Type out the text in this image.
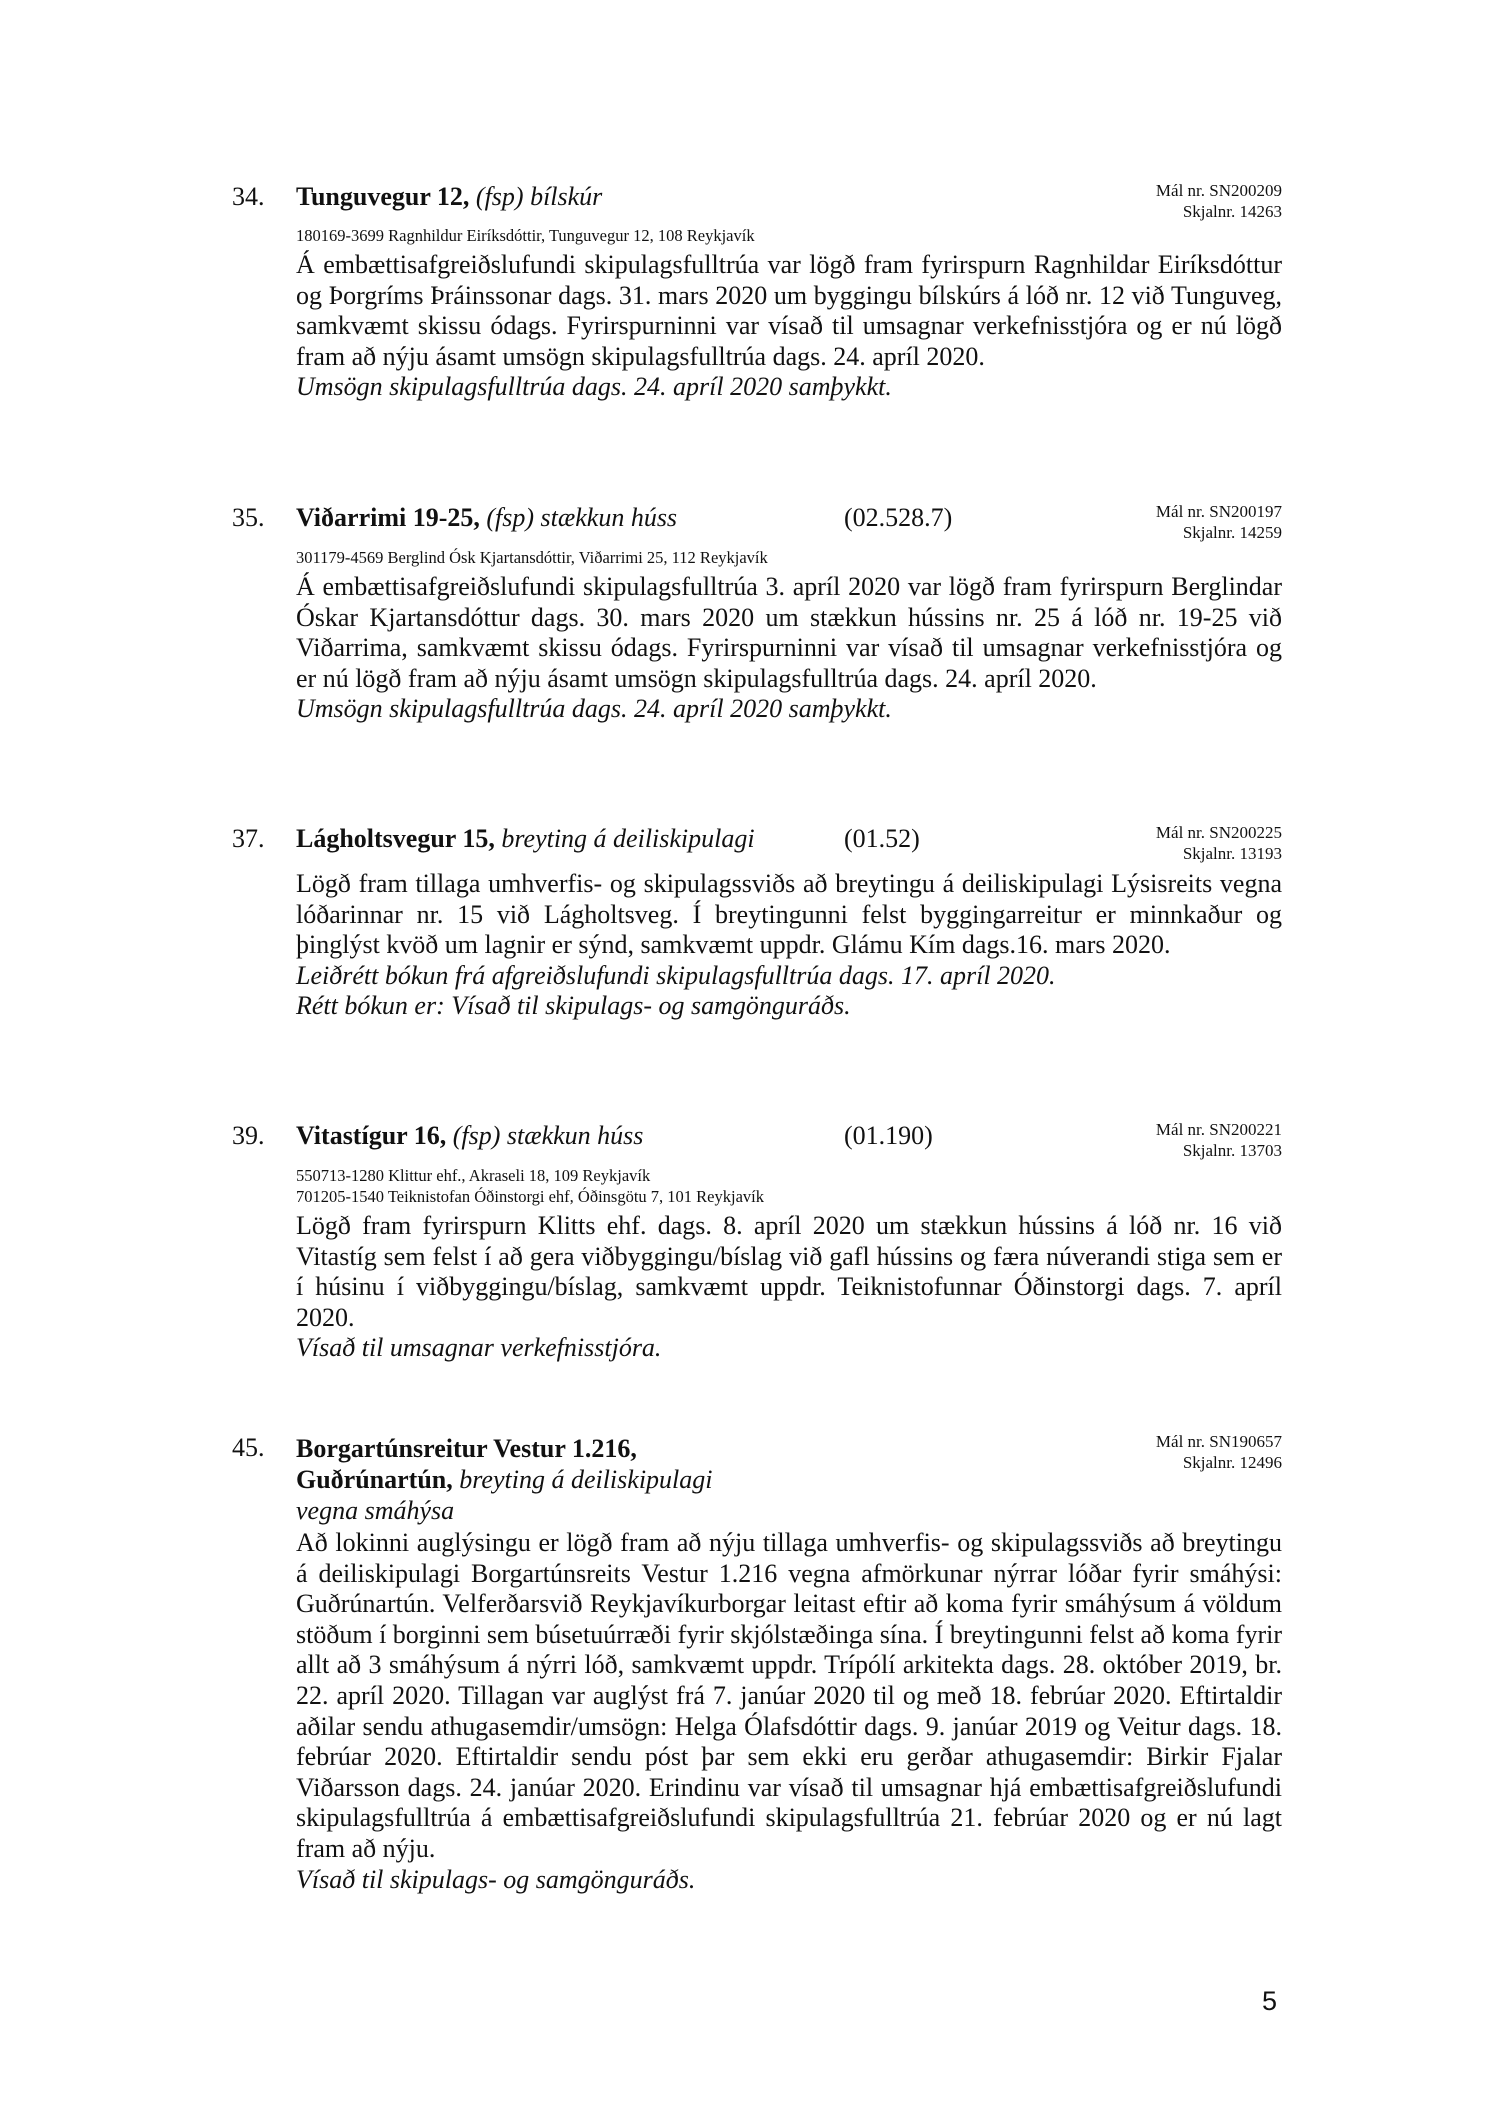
34. Tunguvegur 12, (fsp) bílskúr	Mál nr. SN200209
Skjalnr. 14263
180169-3699 Ragnhildur Eiríksdóttir, Tunguvegur 12, 108 Reykjavík

Á embættisafgreiðslufundi skipulagsfulltrúa var lögð fram fyrirspurn Ragnhildar Eiríksdóttur og Þorgríms Þráinssonar dags. 31. mars 2020 um byggingu bílskúrs á lóð nr. 12 við Tunguveg, samkvæmt skissu ódags. Fyrirspurninni var vísað til umsagnar verkefnisstjóra og er nú lögð fram að nýju ásamt umsögn skipulagsfulltrúa dags. 24. apríl 2020.

Umsögn skipulagsfulltrúa dags. 24. apríl 2020 samþykkt.

35. Viðarrimi 19-25, (fsp) stækkun húss	(02.528.7)	Mál nr. SN200197
Skjalnr. 14259
301179-4569 Berglind Ósk Kjartansdóttir, Viðarrimi 25, 112 Reykjavík

Á embættisafgreiðslufundi skipulagsfulltrúa 3. apríl 2020 var lögð fram fyrirspurn Berglindar Óskar Kjartansdóttur dags. 30. mars 2020 um stækkun hússins nr. 25 á lóð nr. 19-25 við Viðarrima, samkvæmt skissu ódags. Fyrirspurninni var vísað til umsagnar verkefnisstjóra og er nú lögð fram að nýju ásamt umsögn skipulagsfulltrúa dags. 24. apríl 2020.

Umsögn skipulagsfulltrúa dags. 24. apríl 2020 samþykkt.

37. Lágholtsvegur 15, breyting á deiliskipulagi	(01.52)	Mál nr. SN200225
Skjalnr. 13193

Lögð fram tillaga umhverfis- og skipulagssviðs að breytingu á deiliskipulagi Lýsisreits vegna lóðarinnar nr. 15 við Lágholtsveg. Í breytingunni felst byggingarreitur er minnkaður og þinglýst kvöð um lagnir er sýnd, samkvæmt uppdr. Glámu Kím dags.16. mars 2020.

Leiðrétt bókun frá afgreiðslufundi skipulagsfulltrúa dags. 17. apríl 2020.

Rétt bókun er: Vísað til skipulags- og samgönguráðs.

39. Vitastígur 16, (fsp) stækkun húss	(01.190)	Mál nr. SN200221
Skjalnr. 13703
550713-1280 Klittur ehf., Akraseli 18, 109 Reykjavík
701205-1540 Teiknistofan Óðinstorgi ehf, Óðinsgötu 7, 101 Reykjavík

Lögð fram fyrirspurn Klitts ehf. dags. 8. apríl 2020 um stækkun hússins á lóð nr. 16 við Vitastíg sem felst í að gera viðbyggingu/bíslag við gafl hússins og færa núverandi stiga sem er í húsinu í viðbyggingu/bíslag, samkvæmt uppdr. Teiknistofunnar Óðinstorgi dags. 7. apríl 2020.

Vísað til umsagnar verkefnisstjóra.

45. Borgartúnsreitur Vestur 1.216,
Guðrúnartún, breyting á deiliskipulagi
vegna smáhýsa
Mál nr. SN190657
Skjalnr. 12496

Að lokinni auglýsingu er lögð fram að nýju tillaga umhverfis- og skipulagssviðs að breytingu á deiliskipulagi Borgartúnsreits Vestur 1.216 vegna afmörkunar nýrrar lóðar fyrir smáhýsi: Guðrúnartún. Velferðarsvið Reykjavíkurborgar leitast eftir að koma fyrir smáhýsum á völdum stöðum í borginni sem búsetuúrræði fyrir skjólstæðinga sína. Í breytingunni felst að koma fyrir allt að 3 smáhýsum á nýrri lóð, samkvæmt uppdr. Trípólí arkitekta dags. 28. október 2019, br. 22. apríl 2020. Tillagan var auglýst frá 7. janúar 2020 til og með 18. febrúar 2020. Eftirtaldir aðilar sendu athugasemdir/umsögn: Helga Ólafsdóttir dags. 9. janúar 2019 og Veitur dags. 18. febrúar 2020. Eftirtaldir sendu póst þar sem ekki eru gerðar athugasemdir: Birkir Fjalar Viðarsson dags. 24. janúar 2020. Erindinu var vísað til umsagnar hjá embættisafgreiðslufundi skipulagsfulltrúa á embættisafgreiðslufundi skipulagsfulltrúa 21. febrúar 2020 og er nú lagt fram að nýju.

Vísað til skipulags- og samgönguráðs.

5
